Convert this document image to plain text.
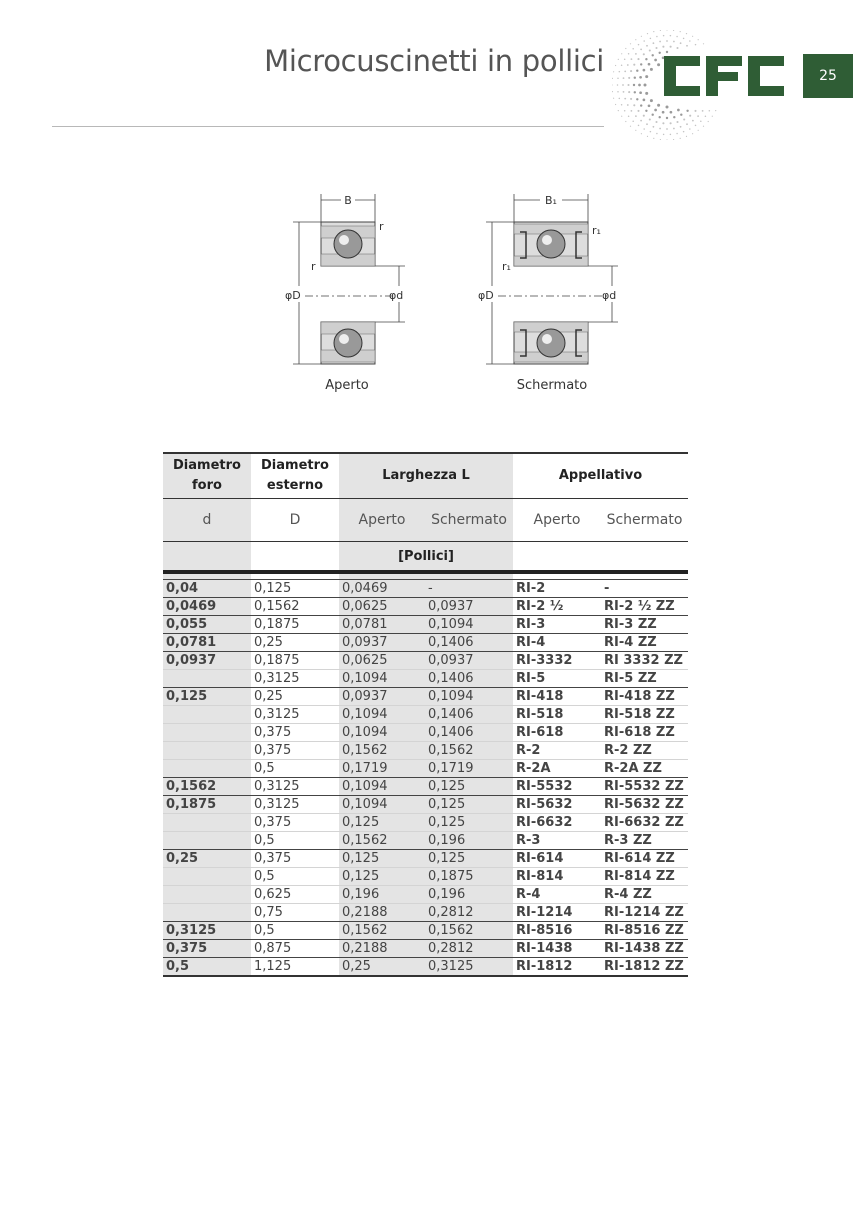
Microcuscinetti in pollici	25
B
r
r
φD	φd
Aperto
B₁
r₁
r₁
φD	φd
Schermato
Diametro foro	Diametro esterno	Larghezza L		Appellativo	
d	D	Aperto	Schermato	Aperto	Schermato
		[Pollici]			

0,04	0,125	0,0469	-	RI-2	-
0,0469	0,1562	0,0625	0,0937	RI-2 ½	RI-2 ½ ZZ
0,055	0,1875	0,0781	0,1094	RI-3	RI-3 ZZ
0,0781	0,25	0,0937	0,1406	RI-4	RI-4 ZZ
0,0937	0,1875	0,0625	0,0937	RI-3332	RI 3332 ZZ
	0,3125	0,1094	0,1406	RI-5	RI-5 ZZ
0,125	0,25	0,0937	0,1094	RI-418	RI-418 ZZ
	0,3125	0,1094	0,1406	RI-518	RI-518 ZZ
	0,375	0,1094	0,1406	RI-618	RI-618 ZZ
	0,375	0,1562	0,1562	R-2	R-2 ZZ
	0,5	0,1719	0,1719	R-2A	R-2A ZZ
0,1562	0,3125	0,1094	0,125	RI-5532	RI-5532 ZZ
0,1875	0,3125	0,1094	0,125	RI-5632	RI-5632 ZZ
	0,375	0,125	0,125	RI-6632	RI-6632 ZZ
	0,5	0,1562	0,196	R-3	R-3 ZZ
0,25	0,375	0,125	0,125	RI-614	RI-614 ZZ
	0,5	0,125	0,1875	RI-814	RI-814 ZZ
	0,625	0,196	0,196	R-4	R-4 ZZ
	0,75	0,2188	0,2812	RI-1214	RI-1214 ZZ
0,3125	0,5	0,1562	0,1562	RI-8516	RI-8516 ZZ
0,375	0,875	0,2188	0,2812	RI-1438	RI-1438 ZZ
0,5	1,125	0,25	0,3125	RI-1812	RI-1812 ZZ
